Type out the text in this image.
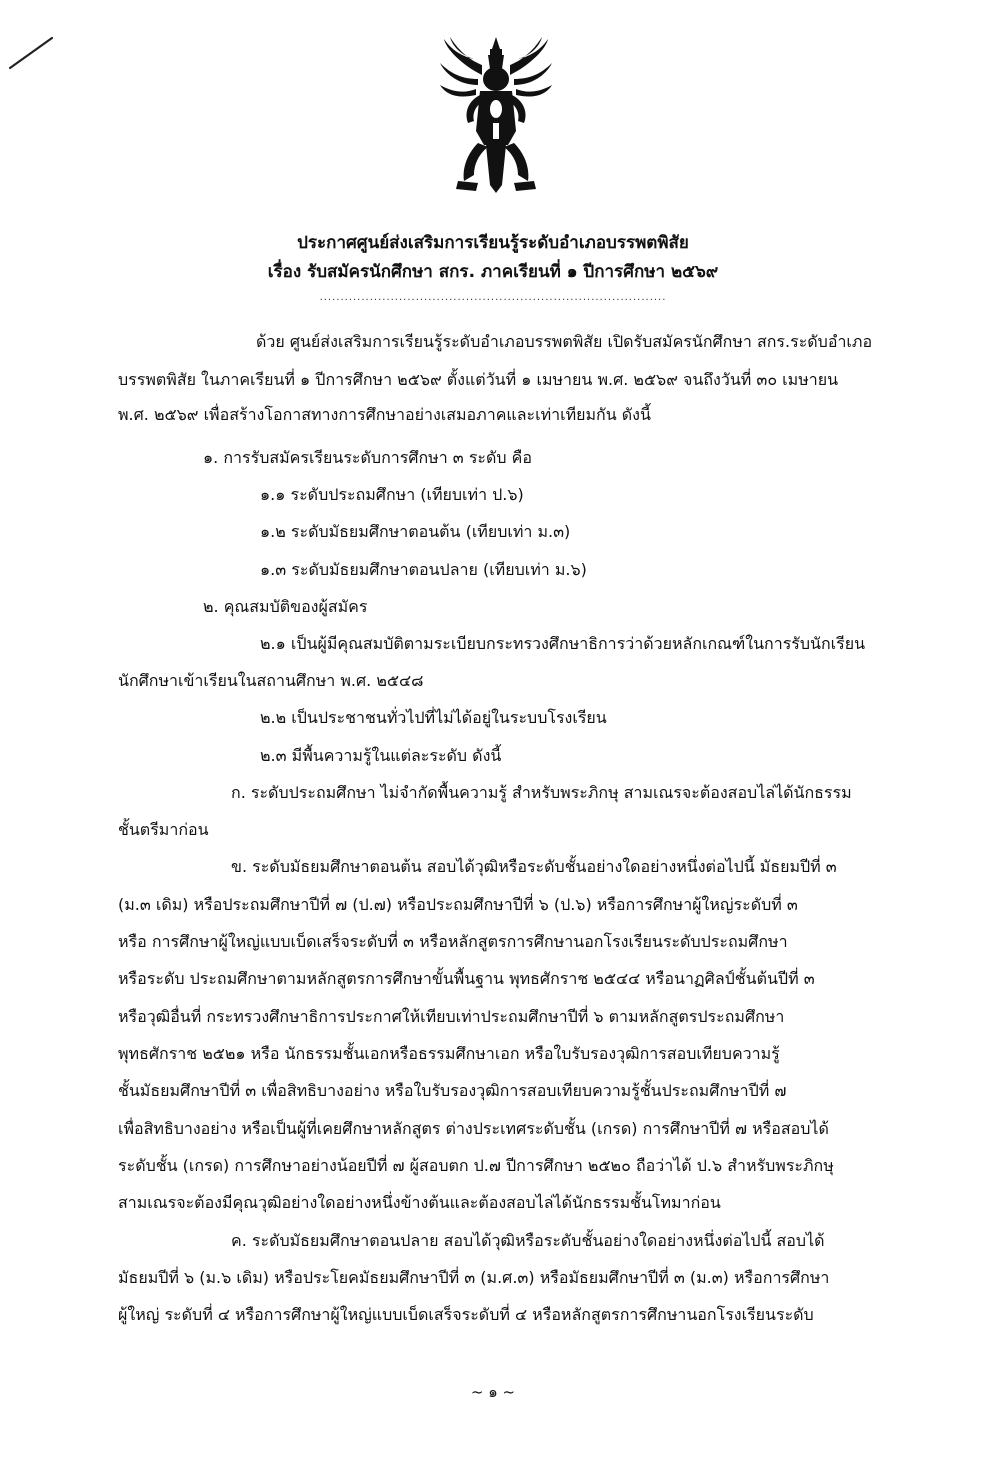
ประกาศศูนย์ส่งเสริมการเรียนรู้ระดับอำเภอบรรพตพิสัย
เรื่อง รับสมัครนักศึกษา สกร. ภาคเรียนที่ ๑ ปีการศึกษา ๒๕๖๙
...................................................................................
ด้วย ศูนย์ส่งเสริมการเรียนรู้ระดับอำเภอบรรพตพิสัย เปิดรับสมัครนักศึกษา สกร.ระดับอำเภอ
บรรพตพิสัย ในภาคเรียนที่ ๑ ปีการศึกษา ๒๕๖๙ ตั้งแต่วันที่ ๑ เมษายน พ.ศ. ๒๕๖๙ จนถึงวันที่ ๓๐ เมษายน
พ.ศ. ๒๕๖๙ เพื่อสร้างโอกาสทางการศึกษาอย่างเสมอภาคและเท่าเทียมกัน ดังนี้
๑. การรับสมัครเรียนระดับการศึกษา ๓ ระดับ คือ
๑.๑ ระดับประถมศึกษา (เทียบเท่า ป.๖)
๑.๒ ระดับมัธยมศึกษาตอนต้น (เทียบเท่า ม.๓)
๑.๓ ระดับมัธยมศึกษาตอนปลาย (เทียบเท่า ม.๖)
๒. คุณสมบัติของผู้สมัคร
๒.๑ เป็นผู้มีคุณสมบัติตามระเบียบกระทรวงศึกษาธิการว่าด้วยหลักเกณฑ์ในการรับนักเรียน
นักศึกษาเข้าเรียนในสถานศึกษา พ.ศ. ๒๕๔๘
๒.๒ เป็นประชาชนทั่วไปที่ไม่ได้อยู่ในระบบโรงเรียน
๒.๓ มีพื้นความรู้ในแต่ละระดับ ดังนี้
ก. ระดับประถมศึกษา ไม่จำกัดพื้นความรู้ สำหรับพระภิกษุ สามเณรจะต้องสอบไล่ได้นักธรรม
ชั้นตรีมาก่อน
ข. ระดับมัธยมศึกษาตอนต้น สอบได้วุฒิหรือระดับชั้นอย่างใดอย่างหนึ่งต่อไปนี้ มัธยมปีที่ ๓
(ม.๓ เดิม) หรือประถมศึกษาปีที่ ๗ (ป.๗) หรือประถมศึกษาปีที่ ๖ (ป.๖) หรือการศึกษาผู้ใหญ่ระดับที่ ๓
หรือ การศึกษาผู้ใหญ่แบบเบ็ดเสร็จระดับที่ ๓ หรือหลักสูตรการศึกษานอกโรงเรียนระดับประถมศึกษา
หรือระดับ ประถมศึกษาตามหลักสูตรการศึกษาขั้นพื้นฐาน พุทธศักราช ๒๕๔๔ หรือนาฏศิลป์ชั้นต้นปีที่ ๓
หรือวุฒิอื่นที่ กระทรวงศึกษาธิการประกาศให้เทียบเท่าประถมศึกษาปีที่ ๖ ตามหลักสูตรประถมศึกษา
พุทธศักราช ๒๕๒๑ หรือ นักธรรมชั้นเอกหรือธรรมศึกษาเอก หรือใบรับรองวุฒิการสอบเทียบความรู้
ชั้นมัธยมศึกษาปีที่ ๓ เพื่อสิทธิบางอย่าง หรือใบรับรองวุฒิการสอบเทียบความรู้ชั้นประถมศึกษาปีที่ ๗
เพื่อสิทธิบางอย่าง หรือเป็นผู้ที่เคยศึกษาหลักสูตร ต่างประเทศระดับชั้น (เกรด) การศึกษาปีที่ ๗ หรือสอบได้
ระดับชั้น (เกรด) การศึกษาอย่างน้อยปีที่ ๗ ผู้สอบตก ป.๗ ปีการศึกษา ๒๕๒๐ ถือว่าได้ ป.๖ สำหรับพระภิกษุ
สามเณรจะต้องมีคุณวุฒิอย่างใดอย่างหนึ่งข้างต้นและต้องสอบไล่ได้นักธรรมชั้นโทมาก่อน
ค. ระดับมัธยมศึกษาตอนปลาย สอบได้วุฒิหรือระดับชั้นอย่างใดอย่างหนึ่งต่อไปนี้ สอบได้
มัธยมปีที่ ๖ (ม.๖ เดิม) หรือประโยคมัธยมศึกษาปีที่ ๓ (ม.ศ.๓) หรือมัธยมศึกษาปีที่ ๓ (ม.๓) หรือการศึกษา
ผู้ใหญ่ ระดับที่ ๔ หรือการศึกษาผู้ใหญ่แบบเบ็ดเสร็จระดับที่ ๔ หรือหลักสูตรการศึกษานอกโรงเรียนระดับ
~ ๑ ~
